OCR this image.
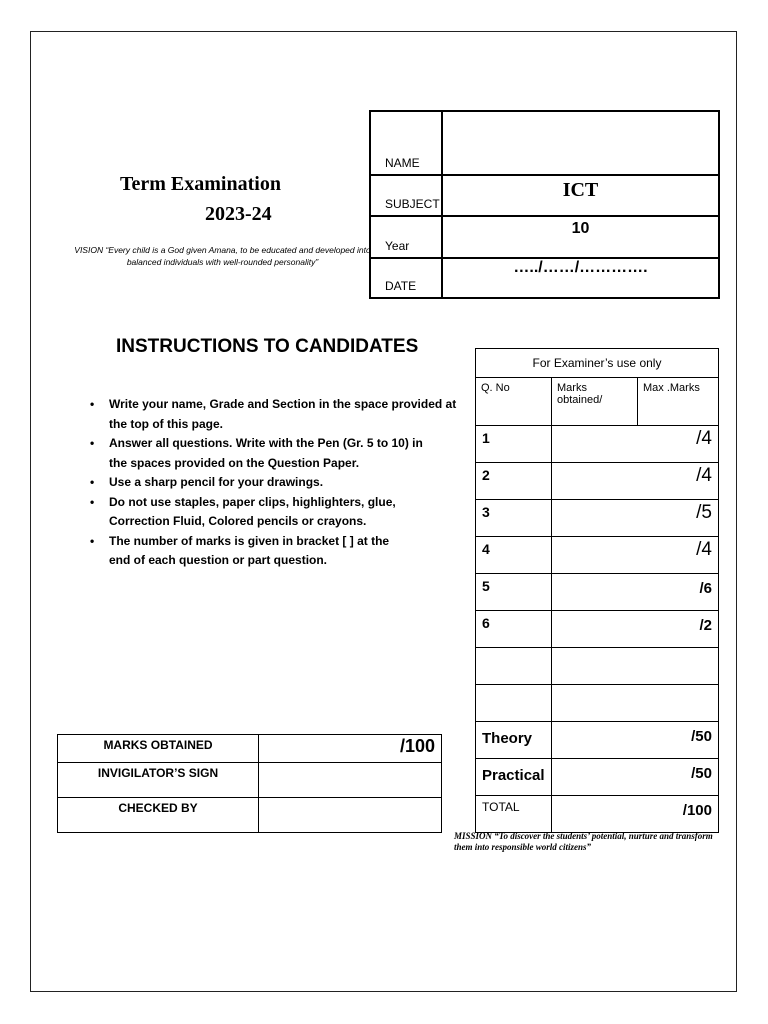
Term Examination
2023-24
VISION “Every child is a God given Amana, to be educated and developed into balanced individuals with well-rounded personality”
NAME	
SUBJECT	ICT
Year	10
DATE	…../……/………….
INSTRUCTIONS TO CANDIDATES
• Write your name, Grade and Section in the space provided at the top of this page.
• Answer all questions. Write with the Pen (Gr. 5 to 10) in the spaces provided on the Question Paper.
• Use a sharp pencil for your drawings.
• Do not use staples, paper clips, highlighters, glue, Correction Fluid, Colored pencils or crayons.
• The number of marks is given in bracket [ ] at the end of each question or part question.
For Examiner’s use only		
Q. No	Marks obtained/	Max .Marks
1	/4	
2	/4	
3	/5	
4	/4	
5	/6	
6	/2	

Theory	/50	
Practical	/50	
TOTAL	/100	
MARKS OBTAINED	/100
INVIGILATOR’S SIGN	
CHECKED BY	
MISSION “To discover the students’ potential, nurture and transform them into responsible world citizens”
